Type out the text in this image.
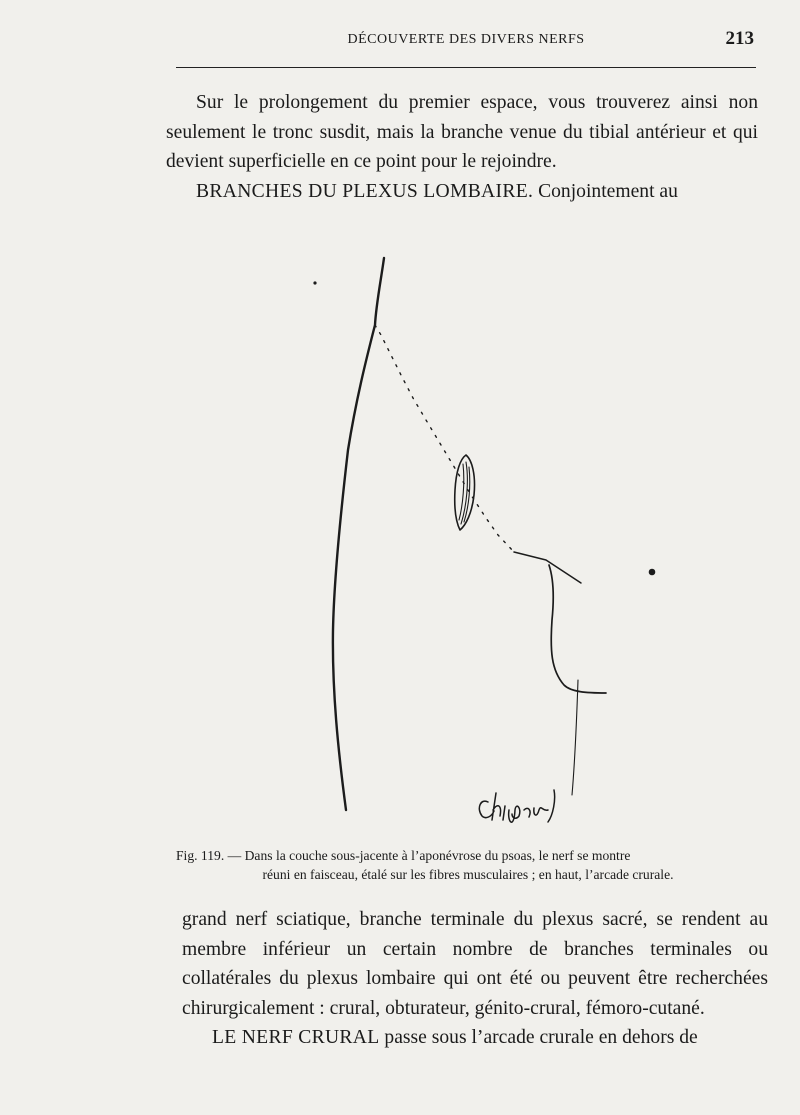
DÉCOUVERTE DES DIVERS NERFS	213

Sur le prolongement du premier espace, vous trouverez ainsi non seulement le tronc susdit, mais la branche venue du tibial antérieur et qui devient superficielle en ce point pour le rejoindre.

BRANCHES DU PLEXUS LOMBAIRE. Conjointement au

Fig. 119. — Dans la couche sous-jacente à l’aponévrose du psoas, le nerf se montre
réuni en faisceau, étalé sur les fibres musculaires ; en haut, l’arcade crurale.

grand nerf sciatique, branche terminale du plexus sacré, se rendent au membre inférieur un certain nombre de branches terminales ou collatérales du plexus lombaire qui ont été ou peuvent être recherchées chirurgicalement : crural, obturateur, génito-crural, fémoro-cutané.

LE NERF CRURAL passe sous l’arcade crurale en dehors de
